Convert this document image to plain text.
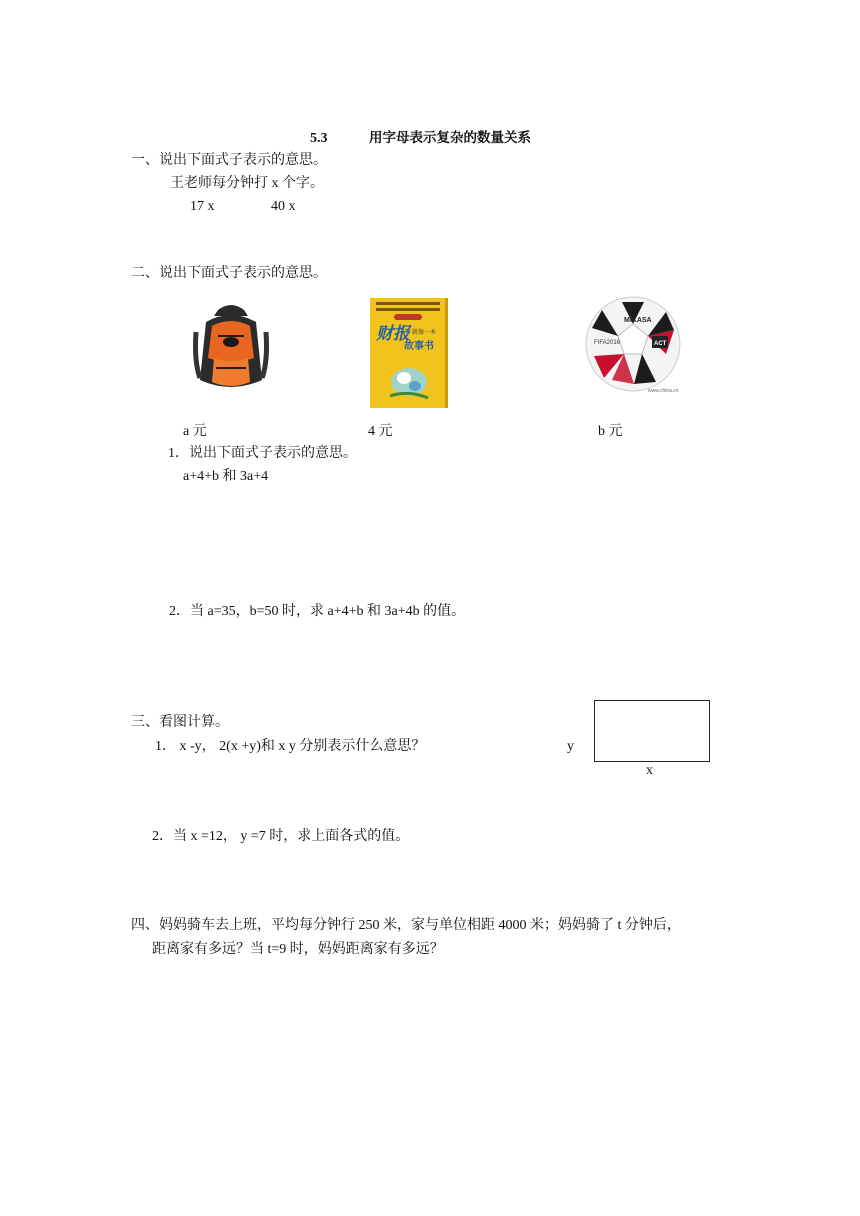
5.3	用字母表示复杂的数量关系
一、说出下面式子表示的意思。
王老师每分钟打 x 个字。
17 x	40 x
二、说出下面式子表示的意思。
财报 就像一本
故事书
MIKASA
FIFA2016	ACT
www.china.cn
a 元	4 元	b 元
1．说出下面式子表示的意思。
a+4+b 和 3a+4
2．当 a=35，b=50 时，求 a+4+b 和 3a+4b 的值。
三、看图计算。
1． x -y， 2(x +y)和 x y 分别表示什么意思？	y
x
2．当 x =12， y =7 时，求上面各式的值。
四、妈妈骑车去上班，平均每分钟行 250 米，家与单位相距 4000 米；妈妈骑了 t 分钟后，
距离家有多远？当 t=9 时，妈妈距离家有多远？
